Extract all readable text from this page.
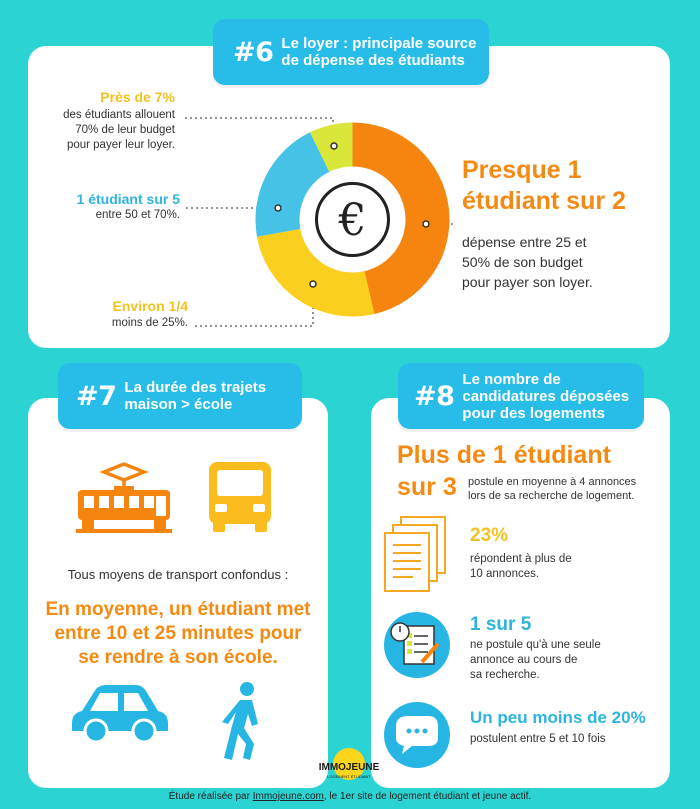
#6 Le loyer : principale source
de dépense des étudiants
Près de 7%
des étudiants allouent
70% de leur budget
pour payer leur loyer.
1 étudiant sur 5
entre 50 et 70%.
Environ 1/4
moins de 25%.
€
Presque 1
étudiant sur 2
dépense entre 25 et
50% de son budget
pour payer son loyer.
#7 La durée des trajets
maison > école
Tous moyens de transport confondus :
En moyenne, un étudiant met
entre 10 et 25 minutes pour
se rendre à son école.
#8
Le nombre de
candidatures déposées
pour des logements
Plus de 1 étudiant
sur 3	postule en moyenne à 4 annonces
lors de sa recherche de logement.
23%
répondent à plus de
10 annonces.
1 sur 5
ne postule qu'à une seule
annonce au cours de
sa recherche.
Un peu moins de 20%
postulent entre 5 et 10 fois
IMMOJEUNE
LOGEMENT ÉTUDIANT
Étude réalisée par Immojeune.com, le 1er site de logement étudiant et jeune actif.
